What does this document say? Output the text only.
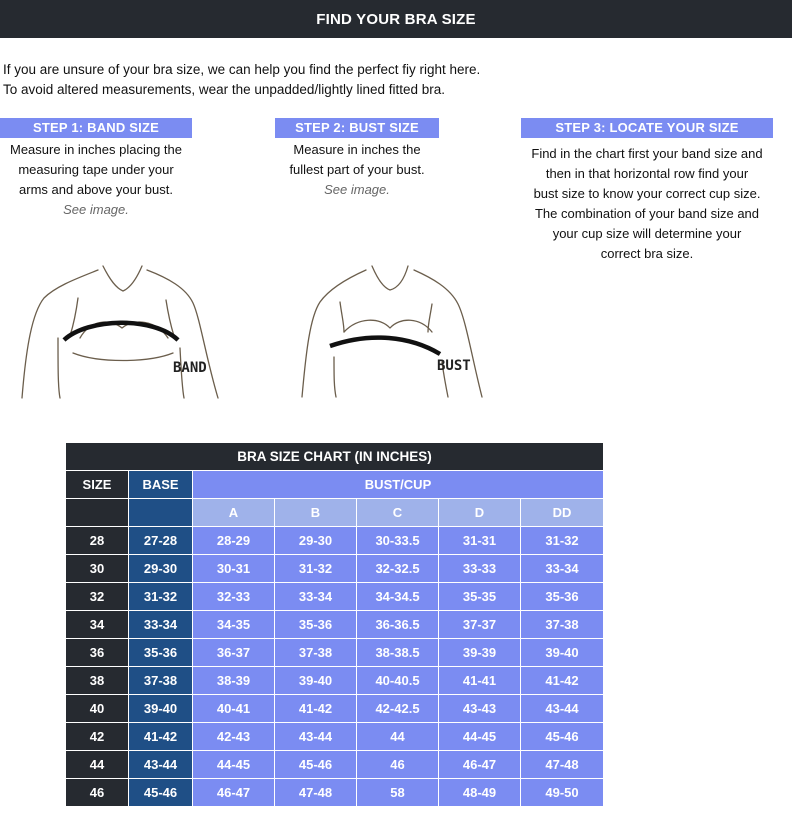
FIND YOUR BRA SIZE
If you are unsure of your bra size, we can help you find the perfect fiy right here.
To avoid altered measurements, wear the unpadded/lightly lined fitted bra.
STEP 1: BAND SIZE
Measure in inches placing the
measuring tape under your
arms and above your bust.
See image.
STEP 2: BUST SIZE
Measure in inches the
fullest part of your bust.
See image.
STEP 3: LOCATE YOUR SIZE
Find in the chart first your band size and
then in that horizontal row find your
bust size to know your correct cup size.
The combination of your band size and
your cup size will determine your
correct bra size.
BAND	BUST
BRA SIZE CHART (IN INCHES)						
SIZE	BASE	BUST/CUP				
		A	B	C	D	DD
28	27-28	28-29	29-30	30-33.5	31-31	31-32
30	29-30	30-31	31-32	32-32.5	33-33	33-34
32	31-32	32-33	33-34	34-34.5	35-35	35-36
34	33-34	34-35	35-36	36-36.5	37-37	37-38
36	35-36	36-37	37-38	38-38.5	39-39	39-40
38	37-38	38-39	39-40	40-40.5	41-41	41-42
40	39-40	40-41	41-42	42-42.5	43-43	43-44
42	41-42	42-43	43-44	44	44-45	45-46
44	43-44	44-45	45-46	46	46-47	47-48
46	45-46	46-47	47-48	58	48-49	49-50
